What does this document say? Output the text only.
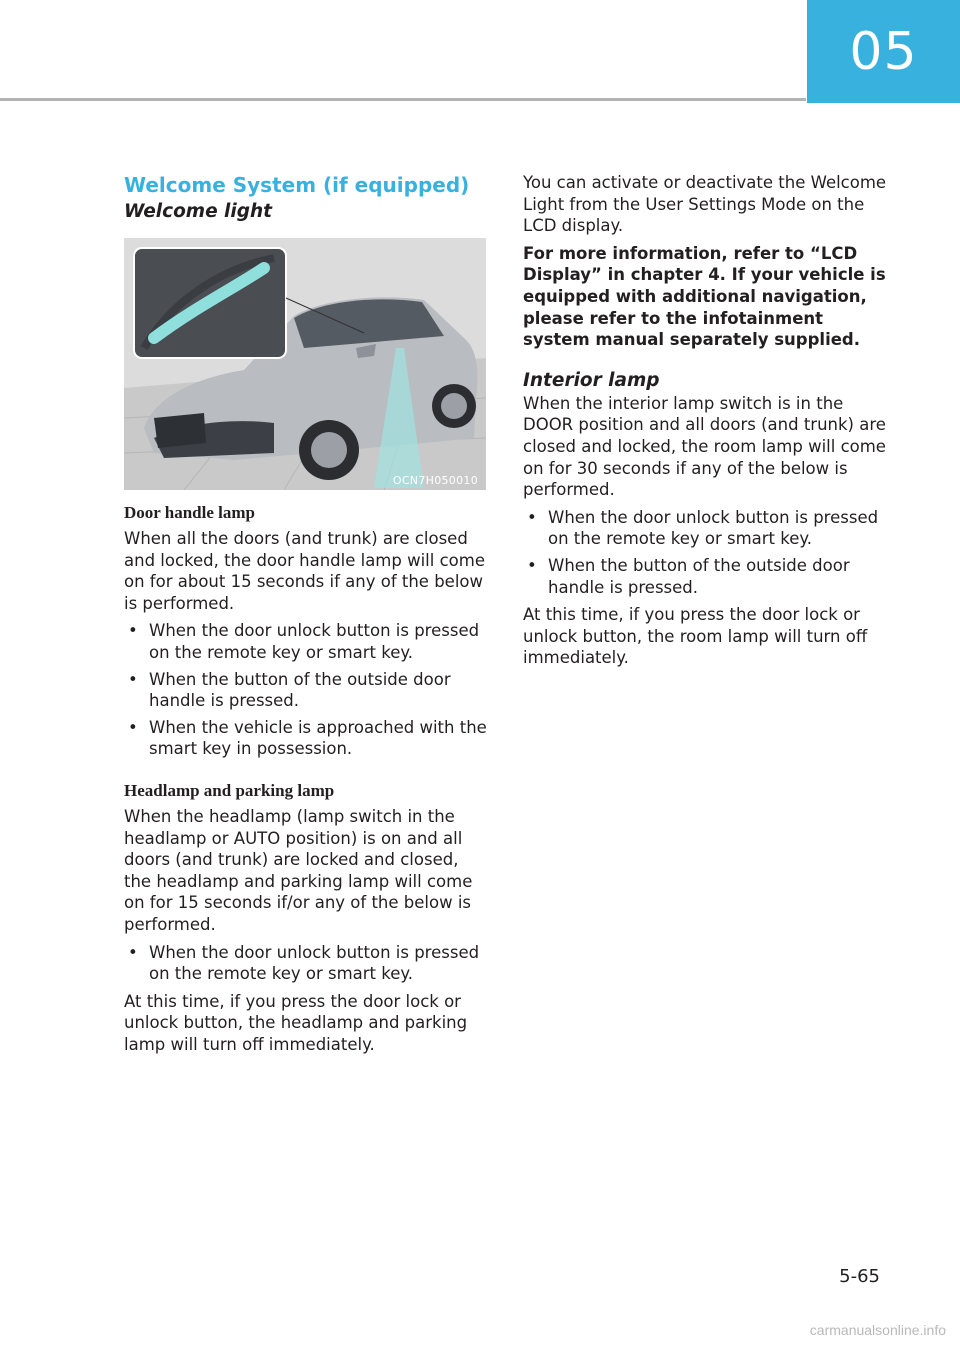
05
Welcome System (if equipped)
Welcome light
OCN7H050010
Door handle lamp

When all the doors (and trunk) are closed and locked, the door handle lamp will come on for about 15 seconds if any of the below is performed.

• When the door unlock button is pressed on the remote key or smart key.
• When the button of the outside door handle is pressed.
• When the vehicle is approached with the smart key in possession.
Headlamp and parking lamp

When the headlamp (lamp switch in the headlamp or AUTO position) is on and all doors (and trunk) are locked and closed, the headlamp and parking lamp will come on for 15 seconds if/or any of the below is performed.

• When the door unlock button is pressed on the remote key or smart key.

At this time, if you press the door lock or unlock button, the headlamp and parking lamp will turn off immediately.

You can activate or deactivate the Welcome Light from the User Settings Mode on the LCD display.

For more information, refer to “LCD Display” in chapter 4. If your vehicle is equipped with additional navigation, please refer to the infotainment system manual separately supplied.

Interior lamp

When the interior lamp switch is in the DOOR position and all doors (and trunk) are closed and locked, the room lamp will come on for 30 seconds if any of the below is performed.

• When the door unlock button is pressed on the remote key or smart key.
• When the button of the outside door handle is pressed.

At this time, if you press the door lock or unlock button, the room lamp will turn off immediately.

5-65
carmanualsonline.info
